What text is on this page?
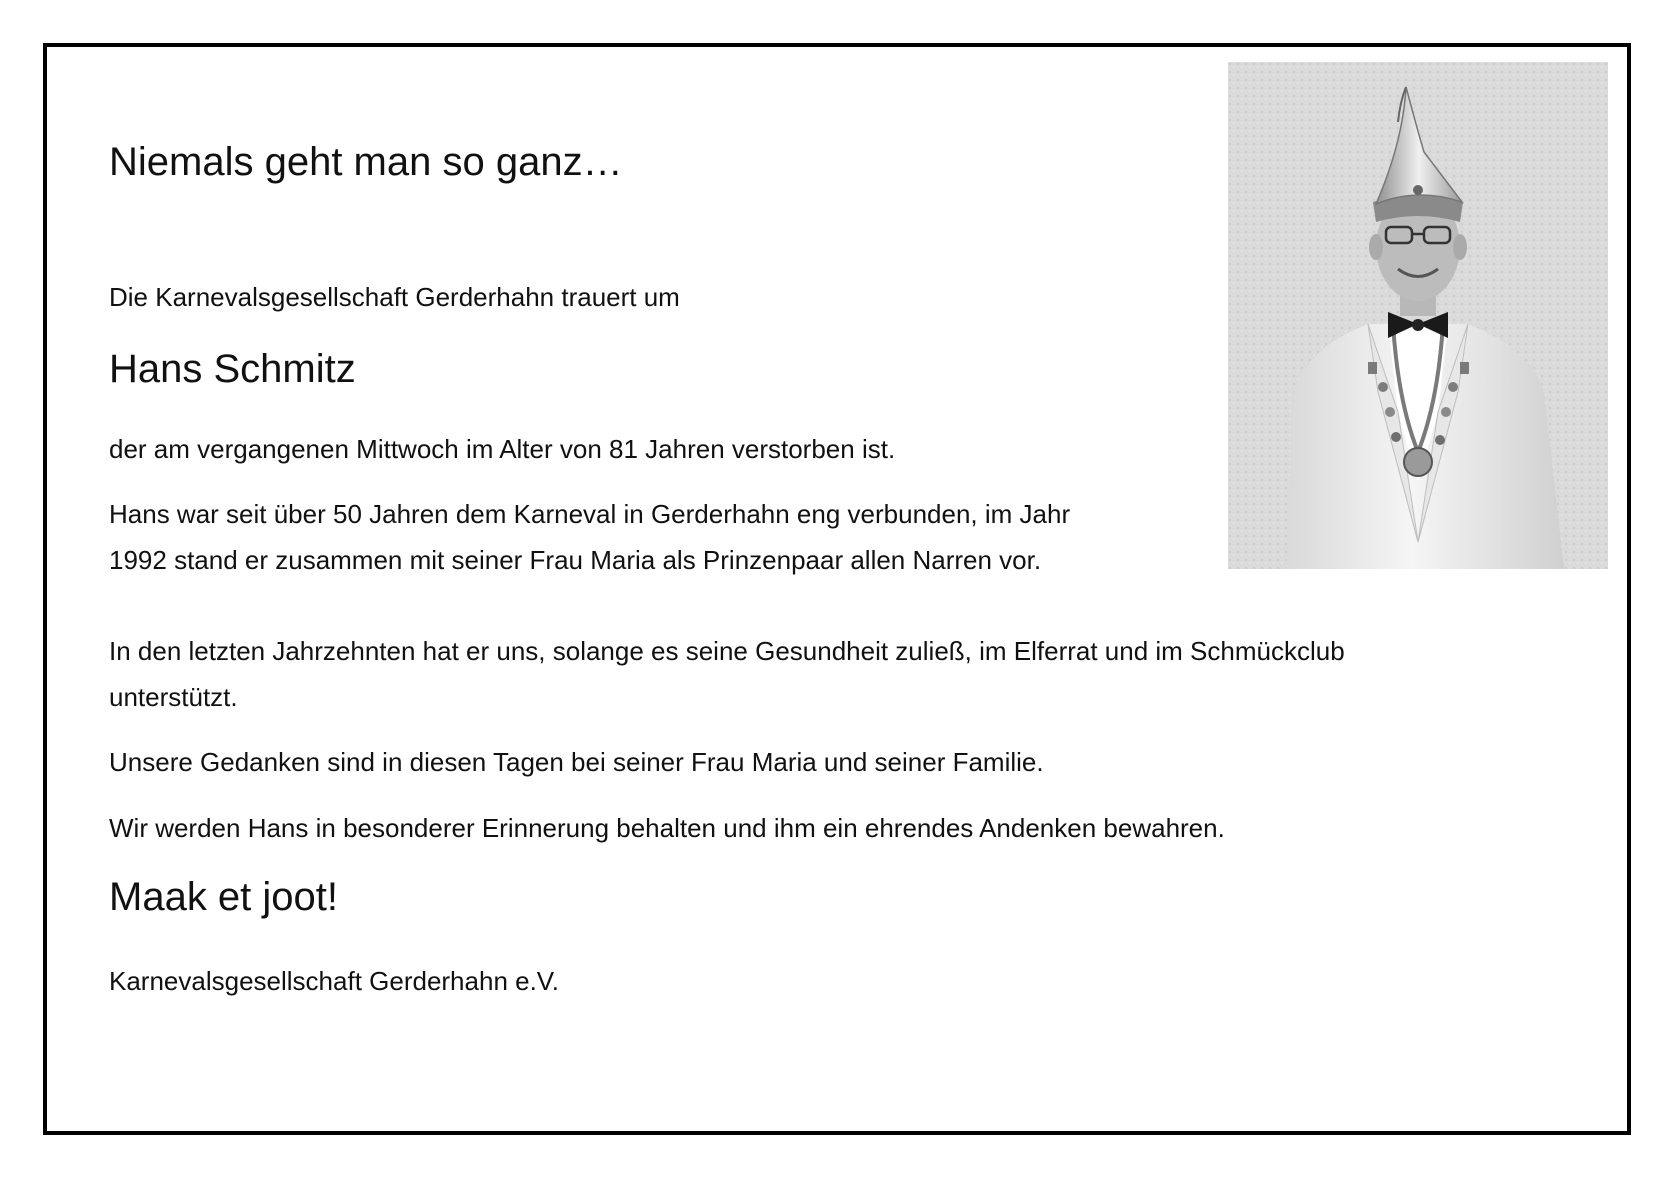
Niemals geht man so ganz…

Die Karnevalsgesellschaft Gerderhahn trauert um

Hans Schmitz

der am vergangenen Mittwoch im Alter von 81 Jahren verstorben ist.

Hans war seit über 50 Jahren dem Karneval in Gerderhahn eng verbunden, im Jahr

1992 stand er zusammen mit seiner Frau Maria als Prinzenpaar allen Narren vor.

In den letzten Jahrzehnten hat er uns, solange es seine Gesundheit zuließ, im Elferrat und im Schmückclub

unterstützt.

Unsere Gedanken sind in diesen Tagen bei seiner Frau Maria und seiner Familie.

Wir werden Hans in besonderer Erinnerung behalten und ihm ein ehrendes Andenken bewahren.

Maak et joot!

Karnevalsgesellschaft Gerderhahn e.V.
